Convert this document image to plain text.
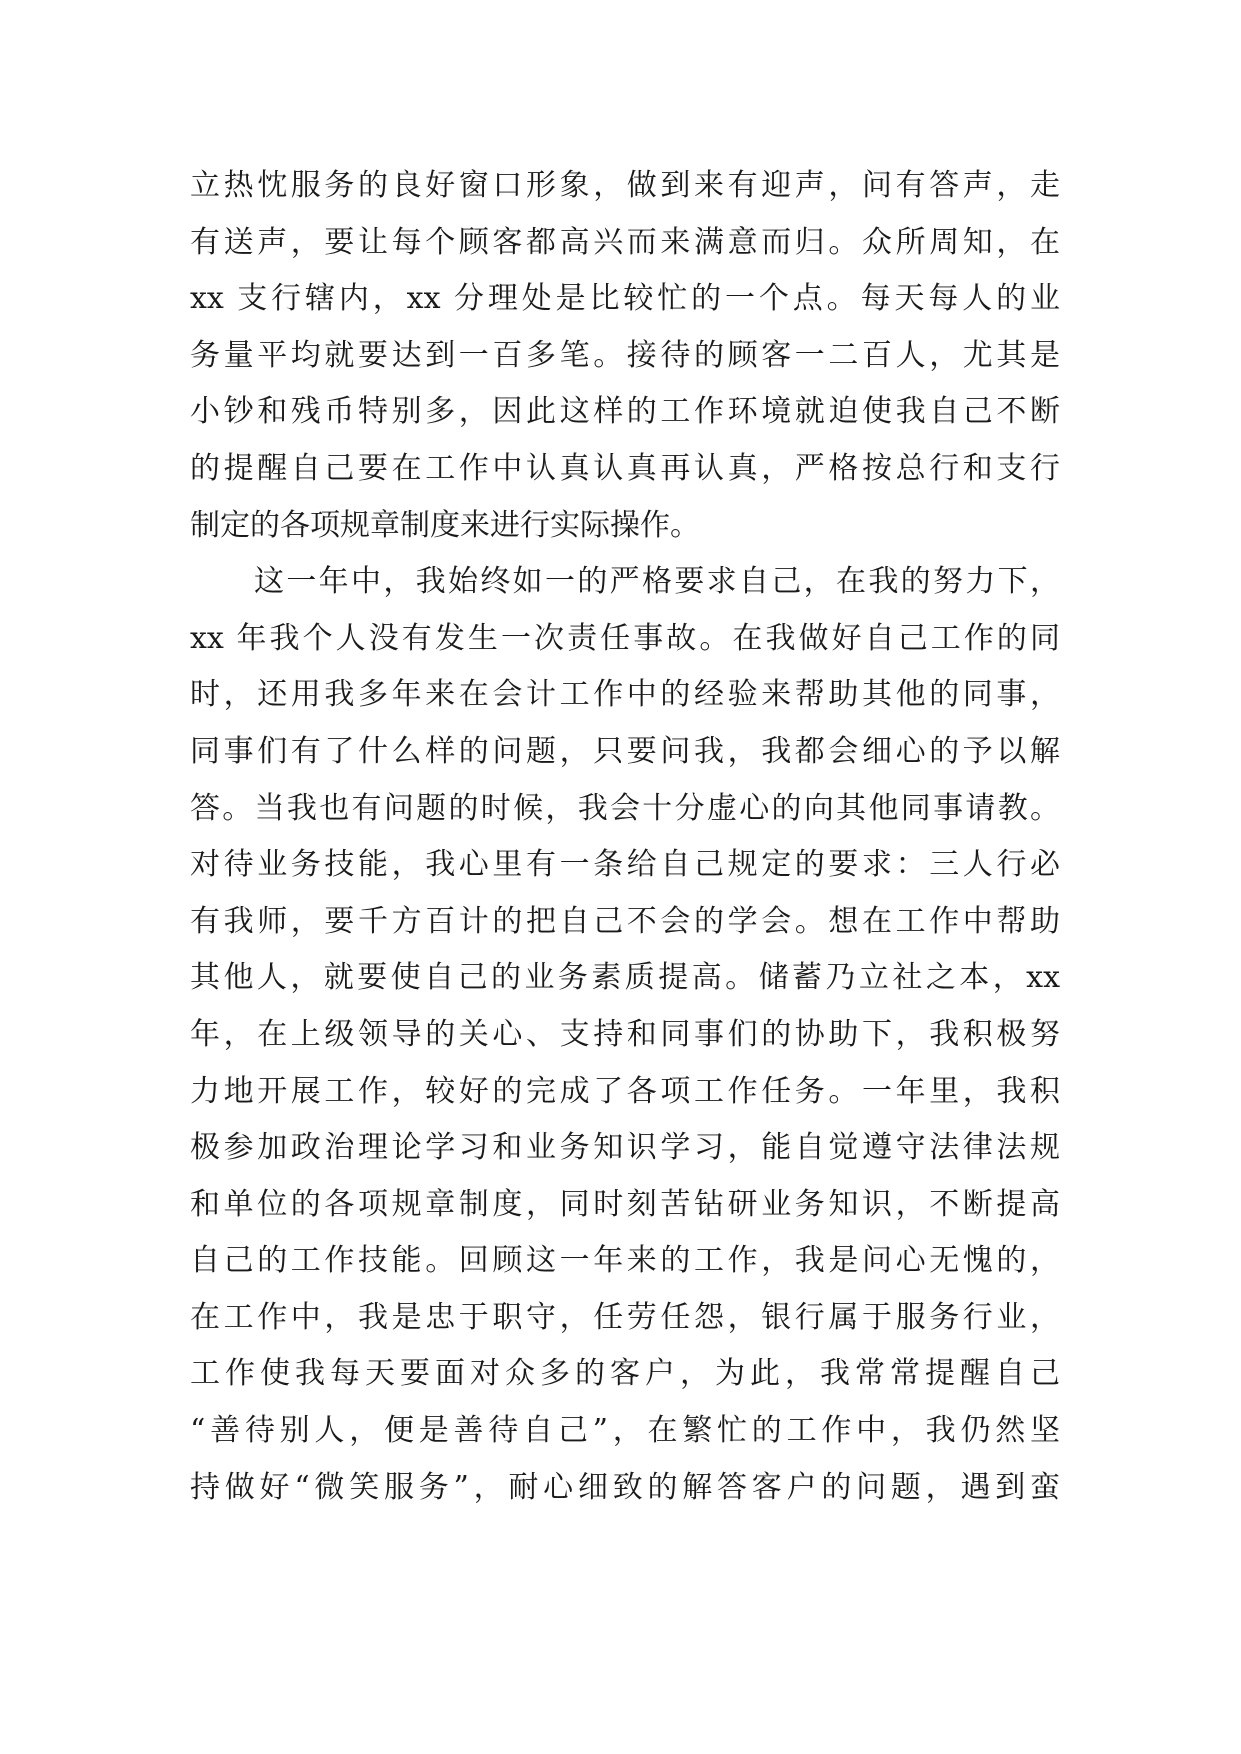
立热忱服务的良好窗口形象，做到来有迎声，问有答声，走
有送声，要让每个顾客都高兴而来满意而归。众所周知，在
xx 支行辖内，xx 分理处是比较忙的一个点。每天每人的业
务量平均就要达到一百多笔。接待的顾客一二百人，尤其是
小钞和残币特别多，因此这样的工作环境就迫使我自己不断
的提醒自己要在工作中认真认真再认真，严格按总行和支行
制定的各项规章制度来进行实际操作。
这一年中，我始终如一的严格要求自己，在我的努力下，
xx 年我个人没有发生一次责任事故。在我做好自己工作的同
时，还用我多年来在会计工作中的经验来帮助其他的同事，
同事们有了什么样的问题，只要问我，我都会细心的予以解
答。当我也有问题的时候，我会十分虚心的向其他同事请教。
对待业务技能，我心里有一条给自己规定的要求：三人行必
有我师，要千方百计的把自己不会的学会。想在工作中帮助
其他人，就要使自己的业务素质提高。储蓄乃立社之本，xx
年，在上级领导的关心、支持和同事们的协助下，我积极努
力地开展工作，较好的完成了各项工作任务。一年里，我积
极参加政治理论学习和业务知识学习，能自觉遵守法律法规
和单位的各项规章制度，同时刻苦钻研业务知识，不断提高
自己的工作技能。回顾这一年来的工作，我是问心无愧的，
在工作中，我是忠于职守，任劳任怨，银行属于服务行业，
工作使我每天要面对众多的客户，为此，我常常提醒自己
“善待别人，便是善待自己”，在繁忙的工作中，我仍然坚
持做好“微笑服务”，耐心细致的解答客户的问题，遇到蛮
